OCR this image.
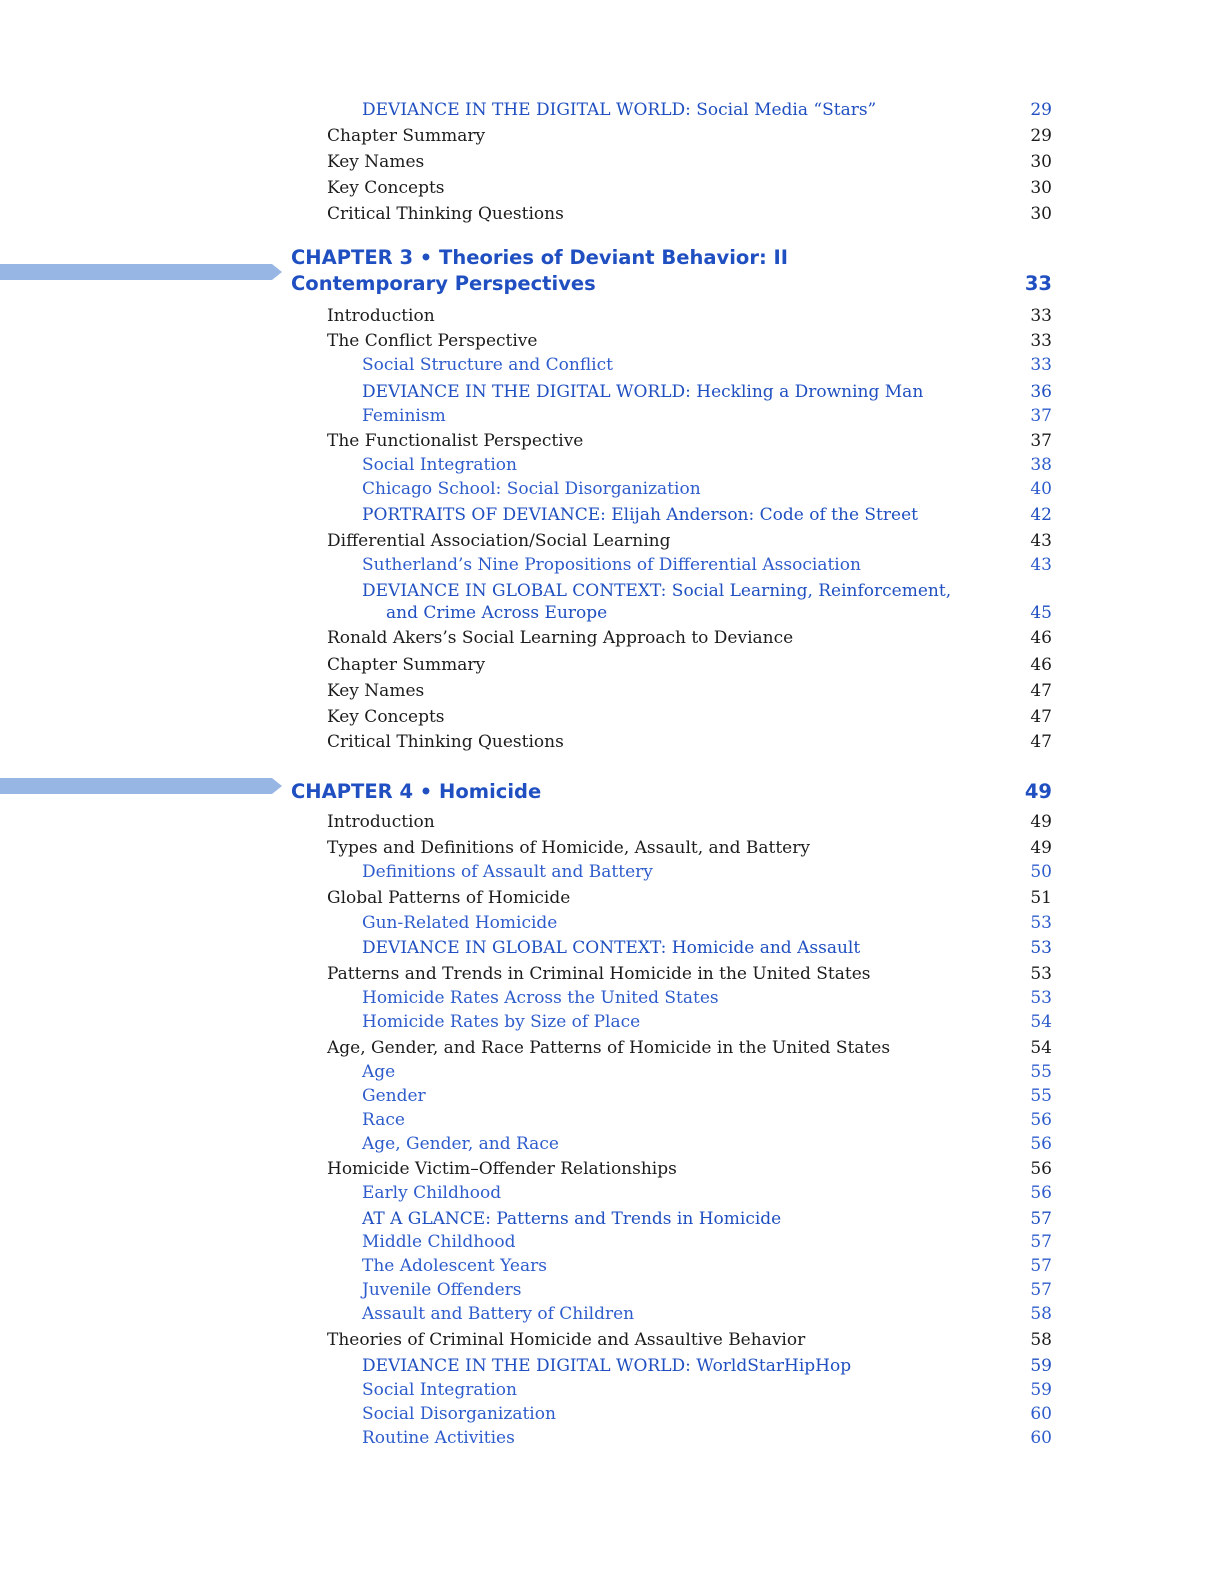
DEVIANCE IN THE DIGITAL WORLD: Social Media “Stars”	29
Chapter Summary	29
Key Names	30
Key Concepts	30
Critical Thinking Questions	30
CHAPTER 3 • Theories of Deviant Behavior: II
Contemporary Perspectives	33
Introduction	33
The Conflict Perspective	33
Social Structure and Conflict	33
DEVIANCE IN THE DIGITAL WORLD: Heckling a Drowning Man	36
Feminism	37
The Functionalist Perspective	37
Social Integration	38
Chicago School: Social Disorganization	40
PORTRAITS OF DEVIANCE: Elijah Anderson: Code of the Street	42
Differential Association/Social Learning	43
Sutherland’s Nine Propositions of Differential Association	43
DEVIANCE IN GLOBAL CONTEXT: Social Learning, Reinforcement,
and Crime Across Europe	45
Ronald Akers’s Social Learning Approach to Deviance	46
Chapter Summary	46
Key Names	47
Key Concepts	47
Critical Thinking Questions	47
CHAPTER 4 • Homicide	49
Introduction	49
Types and Definitions of Homicide, Assault, and Battery	49
Definitions of Assault and Battery	50
Global Patterns of Homicide	51
Gun-Related Homicide	53
DEVIANCE IN GLOBAL CONTEXT: Homicide and Assault	53
Patterns and Trends in Criminal Homicide in the United States	53
Homicide Rates Across the United States	53
Homicide Rates by Size of Place	54
Age, Gender, and Race Patterns of Homicide in the United States	54
Age	55
Gender	55
Race	56
Age, Gender, and Race	56
Homicide Victim–Offender Relationships	56
Early Childhood	56
AT A GLANCE: Patterns and Trends in Homicide	57
Middle Childhood	57
The Adolescent Years	57
Juvenile Offenders	57
Assault and Battery of Children	58
Theories of Criminal Homicide and Assaultive Behavior	58
DEVIANCE IN THE DIGITAL WORLD: WorldStarHipHop	59
Social Integration	59
Social Disorganization	60
Routine Activities	60
